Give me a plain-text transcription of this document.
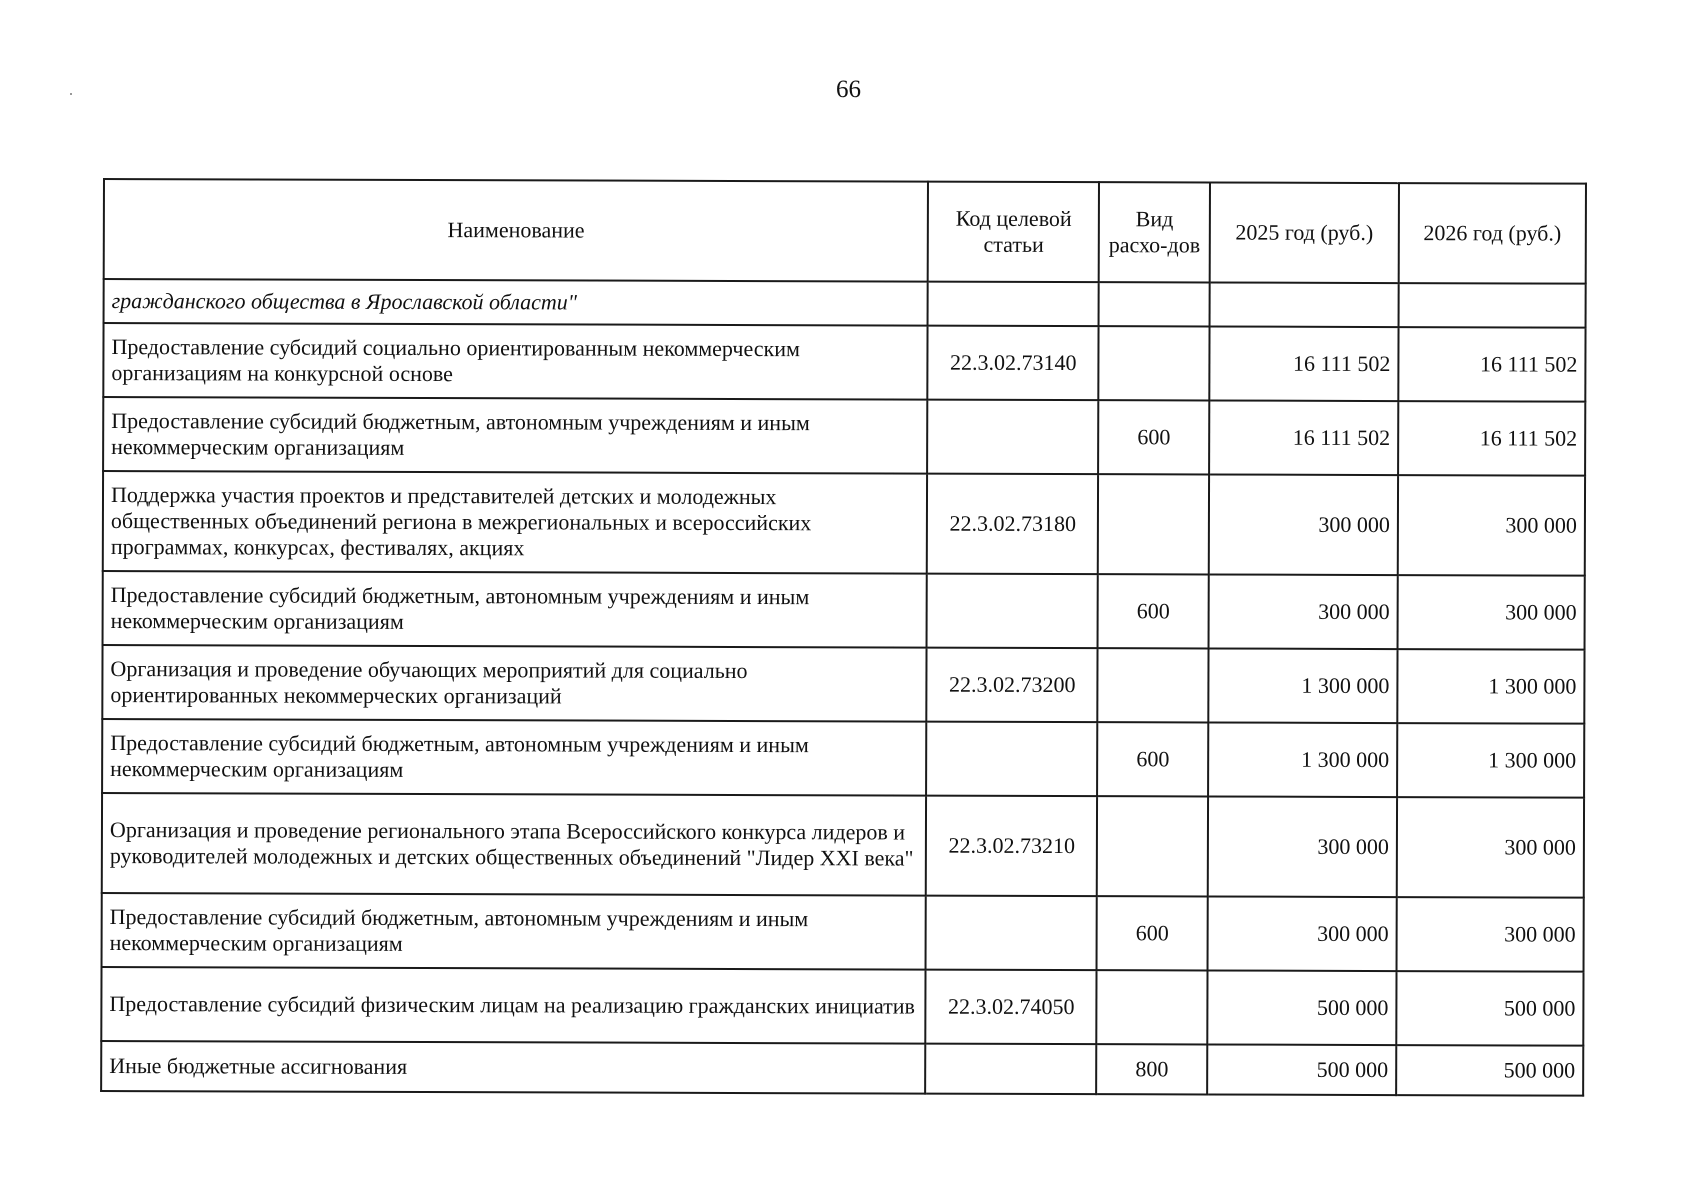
66
Наименование	Код целевой статьи	Вид расхо-дов	2025 год (руб.)	2026 год (руб.)
гражданского общества в Ярославской области"				
Предоставление субсидий социально ориентированным некоммерческим организациям на конкурсной основе	22.3.02.73140		16 111 502	16 111 502
Предоставление субсидий бюджетным, автономным учреждениям и иным некоммерческим организациям		600	16 111 502	16 111 502
Поддержка участия проектов и представителей детских и молодежных общественных объединений региона в межрегиональных и всероссийских программах, конкурсах, фестивалях, акциях	22.3.02.73180		300 000	300 000
Предоставление субсидий бюджетным, автономным учреждениям и иным некоммерческим организациям		600	300 000	300 000
Организация и проведение обучающих мероприятий для социально ориентированных некоммерческих организаций	22.3.02.73200		1 300 000	1 300 000
Предоставление субсидий бюджетным, автономным учреждениям и иным некоммерческим организациям		600	1 300 000	1 300 000
Организация и проведение регионального этапа Всероссийского конкурса лидеров и руководителей молодежных и детских общественных объединений "Лидер XXI века"	22.3.02.73210		300 000	300 000
Предоставление субсидий бюджетным, автономным учреждениям и иным некоммерческим организациям		600	300 000	300 000
Предоставление субсидий физическим лицам на реализацию гражданских инициатив	22.3.02.74050		500 000	500 000
Иные бюджетные ассигнования		800	500 000	500 000
